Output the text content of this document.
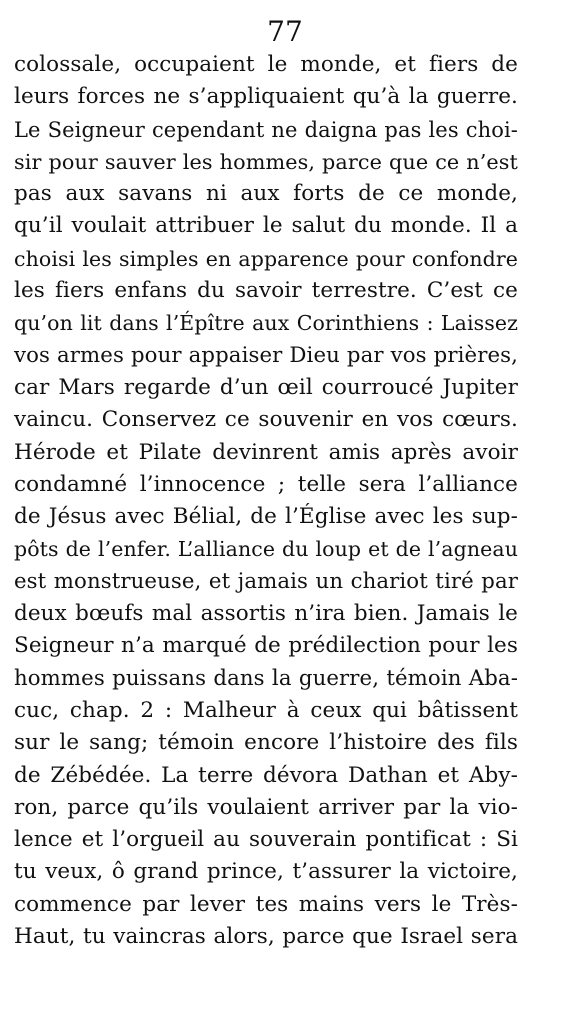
77
colossale, occupaient le monde, et fiers de
leurs forces ne s’appliquaient qu’à la guerre.
Le Seigneur cependant ne daigna pas les choi-
sir pour sauver les hommes, parce que ce n’est
pas aux savans ni aux forts de ce monde,
qu’il voulait attribuer le salut du monde. Il a
choisi les simples en apparence pour confondre
les fiers enfans du savoir terrestre. C’est ce
qu’on lit dans l’Épître aux Corinthiens : Laissez
vos armes pour appaiser Dieu par vos prières,
car Mars regarde d’un œil courroucé Jupiter
vaincu. Conservez ce souvenir en vos cœurs.
Hérode et Pilate devinrent amis après avoir
condamné l’innocence ; telle sera l’alliance
de Jésus avec Bélial, de l’Église avec les sup-
pôts de l’enfer. L’alliance du loup et de l’agneau
est monstrueuse, et jamais un chariot tiré par
deux bœufs mal assortis n’ira bien. Jamais le
Seigneur n’a marqué de prédilection pour les
hommes puissans dans la guerre, témoin Aba-
cuc, chap. 2 : Malheur à ceux qui bâtissent
sur le sang; témoin encore l’histoire des fils
de Zébédée. La terre dévora Dathan et Aby-
ron, parce qu’ils voulaient arriver par la vio-
lence et l’orgueil au souverain pontificat : Si
tu veux, ô grand prince, t’assurer la victoire,
commence par lever tes mains vers le Très-
Haut, tu vaincras alors, parce que Israel sera
